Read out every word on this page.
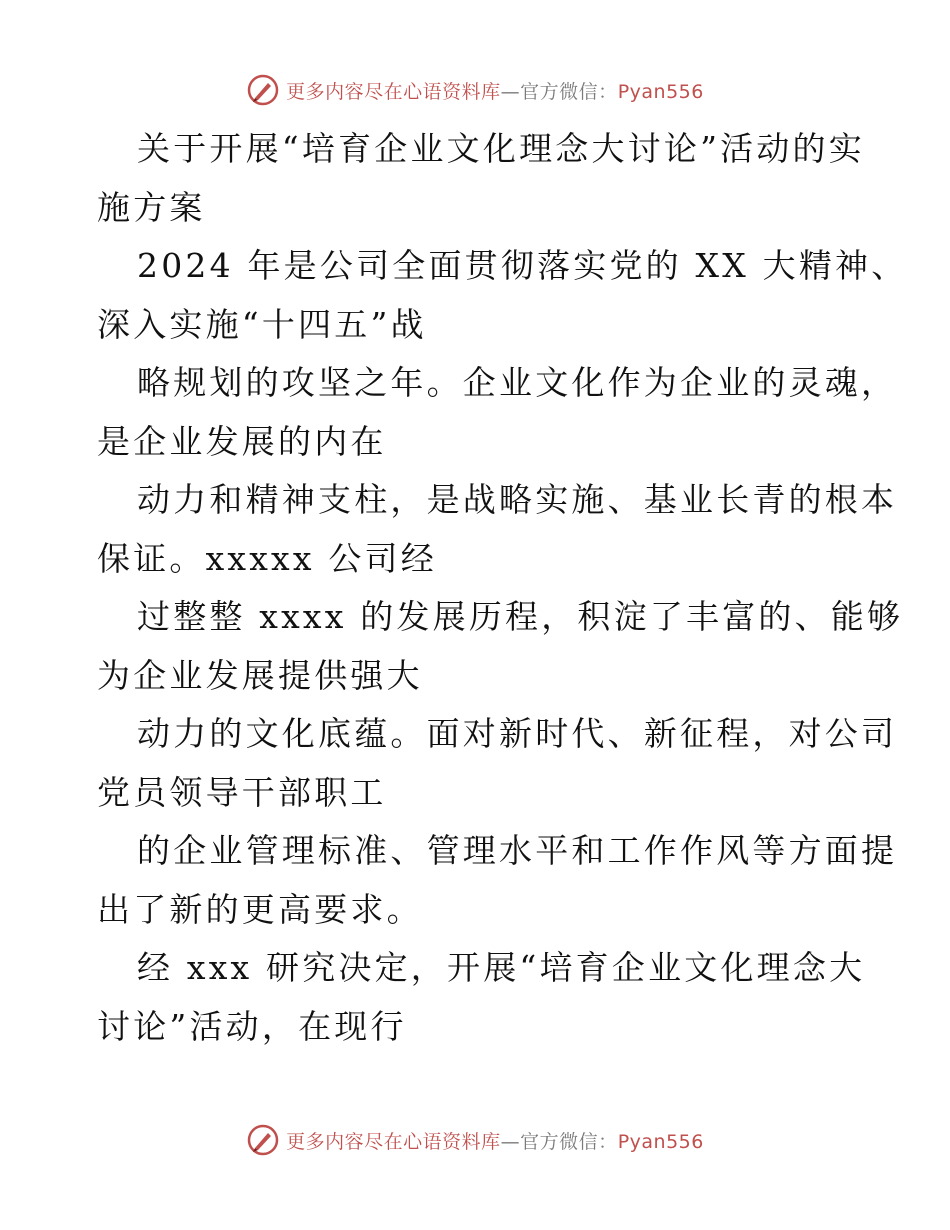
更多内容尽在心语资料库—官方微信：Pyan556
关于开展“培育企业文化理念大讨论”活动的实
施方案
2024 年是公司全面贯彻落实党的 XX 大精神、
深入实施“十四五”战
略规划的攻坚之年。企业文化作为企业的灵魂，
是企业发展的内在
动力和精神支柱，是战略实施、基业长青的根本
保证。xxxxx 公司经
过整整 xxxx 的发展历程，积淀了丰富的、能够
为企业发展提供强大
动力的文化底蕴。面对新时代、新征程，对公司
党员领导干部职工
的企业管理标准、管理水平和工作作风等方面提
出了新的更高要求。
经 xxx 研究决定，开展“培育企业文化理念大
讨论”活动，在现行
更多内容尽在心语资料库—官方微信：Pyan556
